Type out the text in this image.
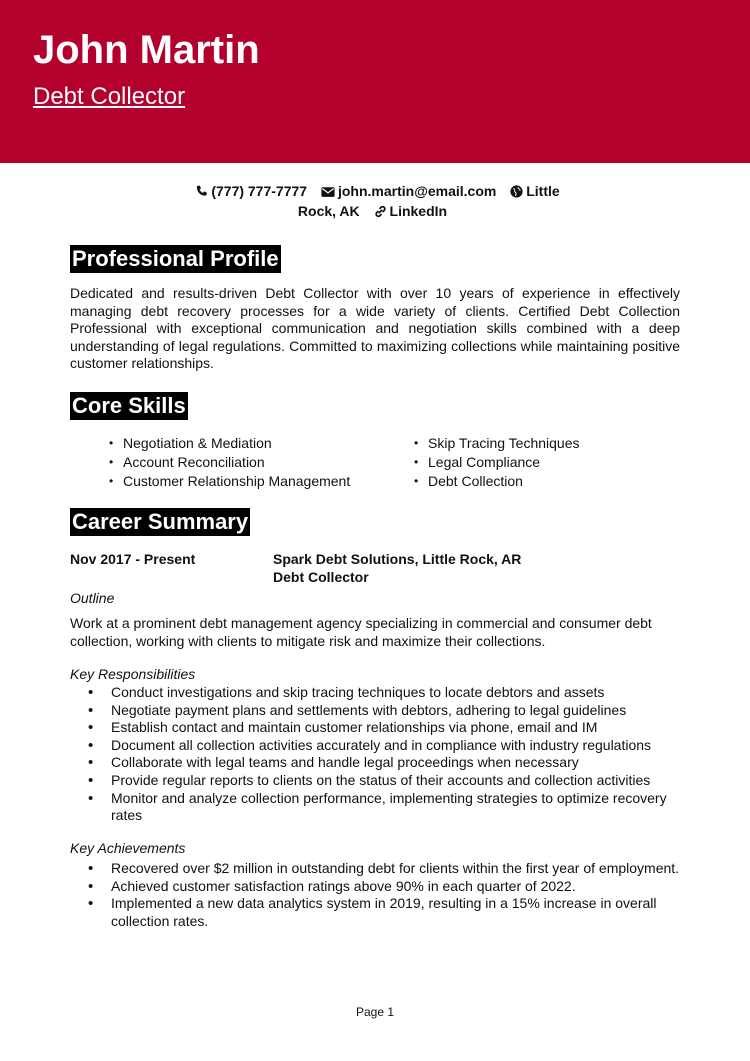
John Martin
Debt Collector
(777) 777-7777 john.martin@email.com Little Rock, AK LinkedIn
Professional Profile

Dedicated and results-driven Debt Collector with over 10 years of experience in effectively managing debt recovery processes for a wide variety of clients. Certified Debt Collection Professional with exceptional communication and negotiation skills combined with a deep understanding of legal regulations. Committed to maximizing collections while maintaining positive customer relationships.

Core Skills
• Negotiation & Mediation
• Account Reconciliation
• Customer Relationship Management
• Skip Tracing Techniques
• Legal Compliance
• Debt Collection
Career Summary
Nov 2017 - Present	Spark Debt Solutions, Little Rock, AR
Debt Collector
Outline

Work at a prominent debt management agency specializing in commercial and consumer debt collection, working with clients to mitigate risk and maximize their collections.

Key Responsibilities
• Conduct investigations and skip tracing techniques to locate debtors and assets
• Negotiate payment plans and settlements with debtors, adhering to legal guidelines
• Establish contact and maintain customer relationships via phone, email and IM
• Document all collection activities accurately and in compliance with industry regulations
• Collaborate with legal teams and handle legal proceedings when necessary
• Provide regular reports to clients on the status of their accounts and collection activities
• Monitor and analyze collection performance, implementing strategies to optimize recovery rates
Key Achievements
• Recovered over $2 million in outstanding debt for clients within the first year of employment.
• Achieved customer satisfaction ratings above 90% in each quarter of 2022.
• Implemented a new data analytics system in 2019, resulting in a 15% increase in overall collection rates.
Page 1
